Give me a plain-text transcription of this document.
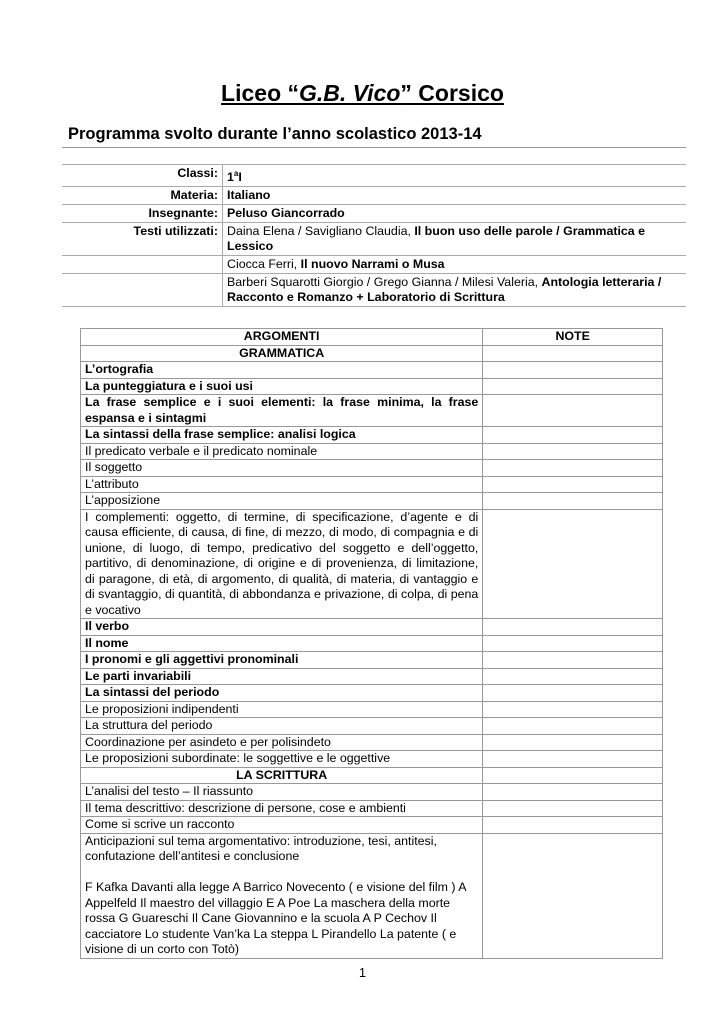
Liceo “G.B. Vico” Corsico
Programma svolto durante l’anno scolastico 2013-14
Classi:	1$^a$I
Materia:	Italiano
Insegnante:	Peluso Giancorrado
Testi utilizzati:	Daina Elena / Savigliano Claudia, Il buon uso delle parole / Grammatica e Lessico
	Ciocca Ferri, Il nuovo Narrami o Musa
	Barberi Squarotti Giorgio / Grego Gianna / Milesi Valeria, Antologia letteraria / Racconto e Romanzo + Laboratorio di Scrittura
ARGOMENTI	NOTE
GRAMMATICA	
L’ortografia	
La punteggiatura e i suoi usi	
La frase semplice e i suoi elementi: la frase minima, la frase espansa e i sintagmi	
La sintassi della frase semplice: analisi logica	
Il predicato verbale e il predicato nominale	
Il soggetto	
L’attributo	
L’apposizione	
I complementi: oggetto, di termine, di specificazione, d’agente e di causa efficiente, di causa, di fine, di mezzo, di modo, di compagnia e di unione, di luogo, di tempo, predicativo del soggetto e dell’oggetto, partitivo, di denominazione, di origine e di provenienza, di limitazione, di paragone, di età, di argomento, di qualità, di materia, di vantaggio e di svantaggio, di quantità, di abbondanza e privazione, di colpa, di pena e vocativo	
Il verbo	
Il nome	
I pronomi e gli aggettivi pronominali	
Le parti invariabili	
La sintassi del periodo	
Le proposizioni indipendenti	
La struttura del periodo	
Coordinazione per asindeto e per polisindeto	
Le proposizioni subordinate: le soggettive e le oggettive	
LA SCRITTURA	
L’analisi del testo – Il riassunto	
Il tema descrittivo: descrizione di persone, cose e ambienti	
Come si scrive un racconto	
Anticipazioni sul tema argomentativo: introduzione, tesi, antitesi, confutazione dell’antitesi e conclusione

F Kafka Davanti alla legge A Barrico Novecento ( e visione del film ) A Appelfeld Il maestro del villaggio E A Poe La maschera della morte rossa G Guareschi Il Cane Giovannino e la scuola A P Cechov Il cacciatore Lo studente Van’ka La steppa L Pirandello La patente ( e visione di un corto con Totò)	
1
